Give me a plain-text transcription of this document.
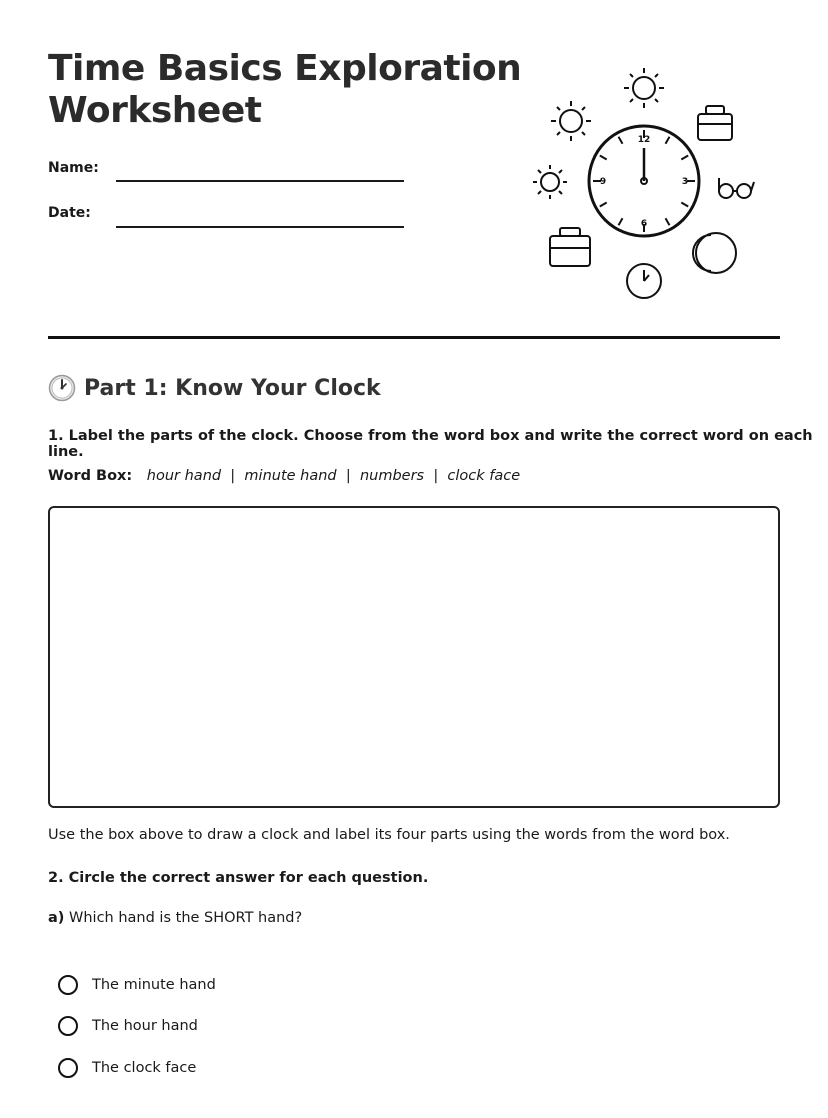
Time Basics Exploration
Worksheet
Name:
Date:
12
3
6
9
Part 1: Know Your Clock
1. Label the parts of the clock. Choose from the word box and write the correct word on each line.
Word Box: hour hand  |  minute hand  |  numbers  |  clock face
Use the box above to draw a clock and label its four parts using the words from the word box.
2. Circle the correct answer for each question.
a) Which hand is the SHORT hand?
The minute hand
The hour hand
The clock face
